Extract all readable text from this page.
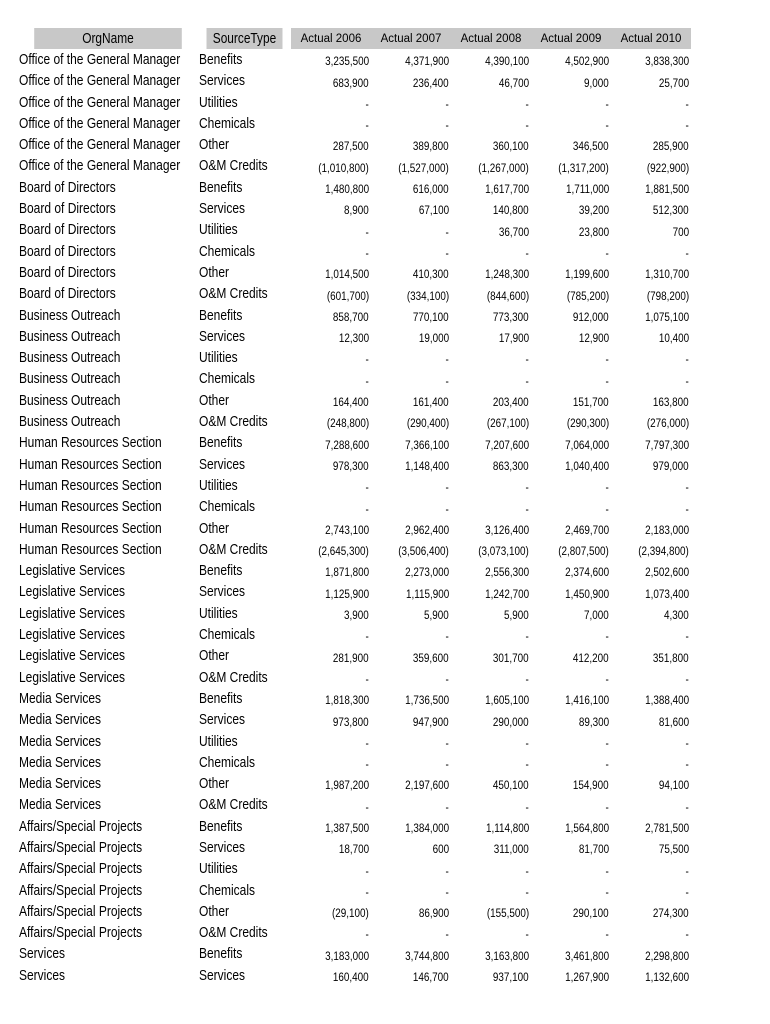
OrgName	SourceType	Actual 2006	Actual 2007	Actual 2008	Actual 2009	Actual 2010
Office of the General Manager	Benefits	3,235,500	4,371,900	4,390,100	4,502,900	3,838,300
Office of the General Manager	Services	683,900	236,400	46,700	9,000	25,700
Office of the General Manager	Utilities	-	-	-	-	-
Office of the General Manager	Chemicals	-	-	-	-	-
Office of the General Manager	Other	287,500	389,800	360,100	346,500	285,900
Office of the General Manager	O&M Credits	(1,010,800)	(1,527,000)	(1,267,000)	(1,317,200)	(922,900)
Board of Directors	Benefits	1,480,800	616,000	1,617,700	1,711,000	1,881,500
Board of Directors	Services	8,900	67,100	140,800	39,200	512,300
Board of Directors	Utilities	-	-	36,700	23,800	700
Board of Directors	Chemicals	-	-	-	-	-
Board of Directors	Other	1,014,500	410,300	1,248,300	1,199,600	1,310,700
Board of Directors	O&M Credits	(601,700)	(334,100)	(844,600)	(785,200)	(798,200)
Business Outreach	Benefits	858,700	770,100	773,300	912,000	1,075,100
Business Outreach	Services	12,300	19,000	17,900	12,900	10,400
Business Outreach	Utilities	-	-	-	-	-
Business Outreach	Chemicals	-	-	-	-	-
Business Outreach	Other	164,400	161,400	203,400	151,700	163,800
Business Outreach	O&M Credits	(248,800)	(290,400)	(267,100)	(290,300)	(276,000)
Human Resources Section	Benefits	7,288,600	7,366,100	7,207,600	7,064,000	7,797,300
Human Resources Section	Services	978,300	1,148,400	863,300	1,040,400	979,000
Human Resources Section	Utilities	-	-	-	-	-
Human Resources Section	Chemicals	-	-	-	-	-
Human Resources Section	Other	2,743,100	2,962,400	3,126,400	2,469,700	2,183,000
Human Resources Section	O&M Credits	(2,645,300)	(3,506,400)	(3,073,100)	(2,807,500)	(2,394,800)
Legislative Services	Benefits	1,871,800	2,273,000	2,556,300	2,374,600	2,502,600
Legislative Services	Services	1,125,900	1,115,900	1,242,700	1,450,900	1,073,400
Legislative Services	Utilities	3,900	5,900	5,900	7,000	4,300
Legislative Services	Chemicals	-	-	-	-	-
Legislative Services	Other	281,900	359,600	301,700	412,200	351,800
Legislative Services	O&M Credits	-	-	-	-	-
Media Services	Benefits	1,818,300	1,736,500	1,605,100	1,416,100	1,388,400
Media Services	Services	973,800	947,900	290,000	89,300	81,600
Media Services	Utilities	-	-	-	-	-
Media Services	Chemicals	-	-	-	-	-
Media Services	Other	1,987,200	2,197,600	450,100	154,900	94,100
Media Services	O&M Credits	-	-	-	-	-
Affairs/Special Projects	Benefits	1,387,500	1,384,000	1,114,800	1,564,800	2,781,500
Affairs/Special Projects	Services	18,700	600	311,000	81,700	75,500
Affairs/Special Projects	Utilities	-	-	-	-	-
Affairs/Special Projects	Chemicals	-	-	-	-	-
Affairs/Special Projects	Other	(29,100)	86,900	(155,500)	290,100	274,300
Affairs/Special Projects	O&M Credits	-	-	-	-	-
Services	Benefits	3,183,000	3,744,800	3,163,800	3,461,800	2,298,800
Services	Services	160,400	146,700	937,100	1,267,900	1,132,600
